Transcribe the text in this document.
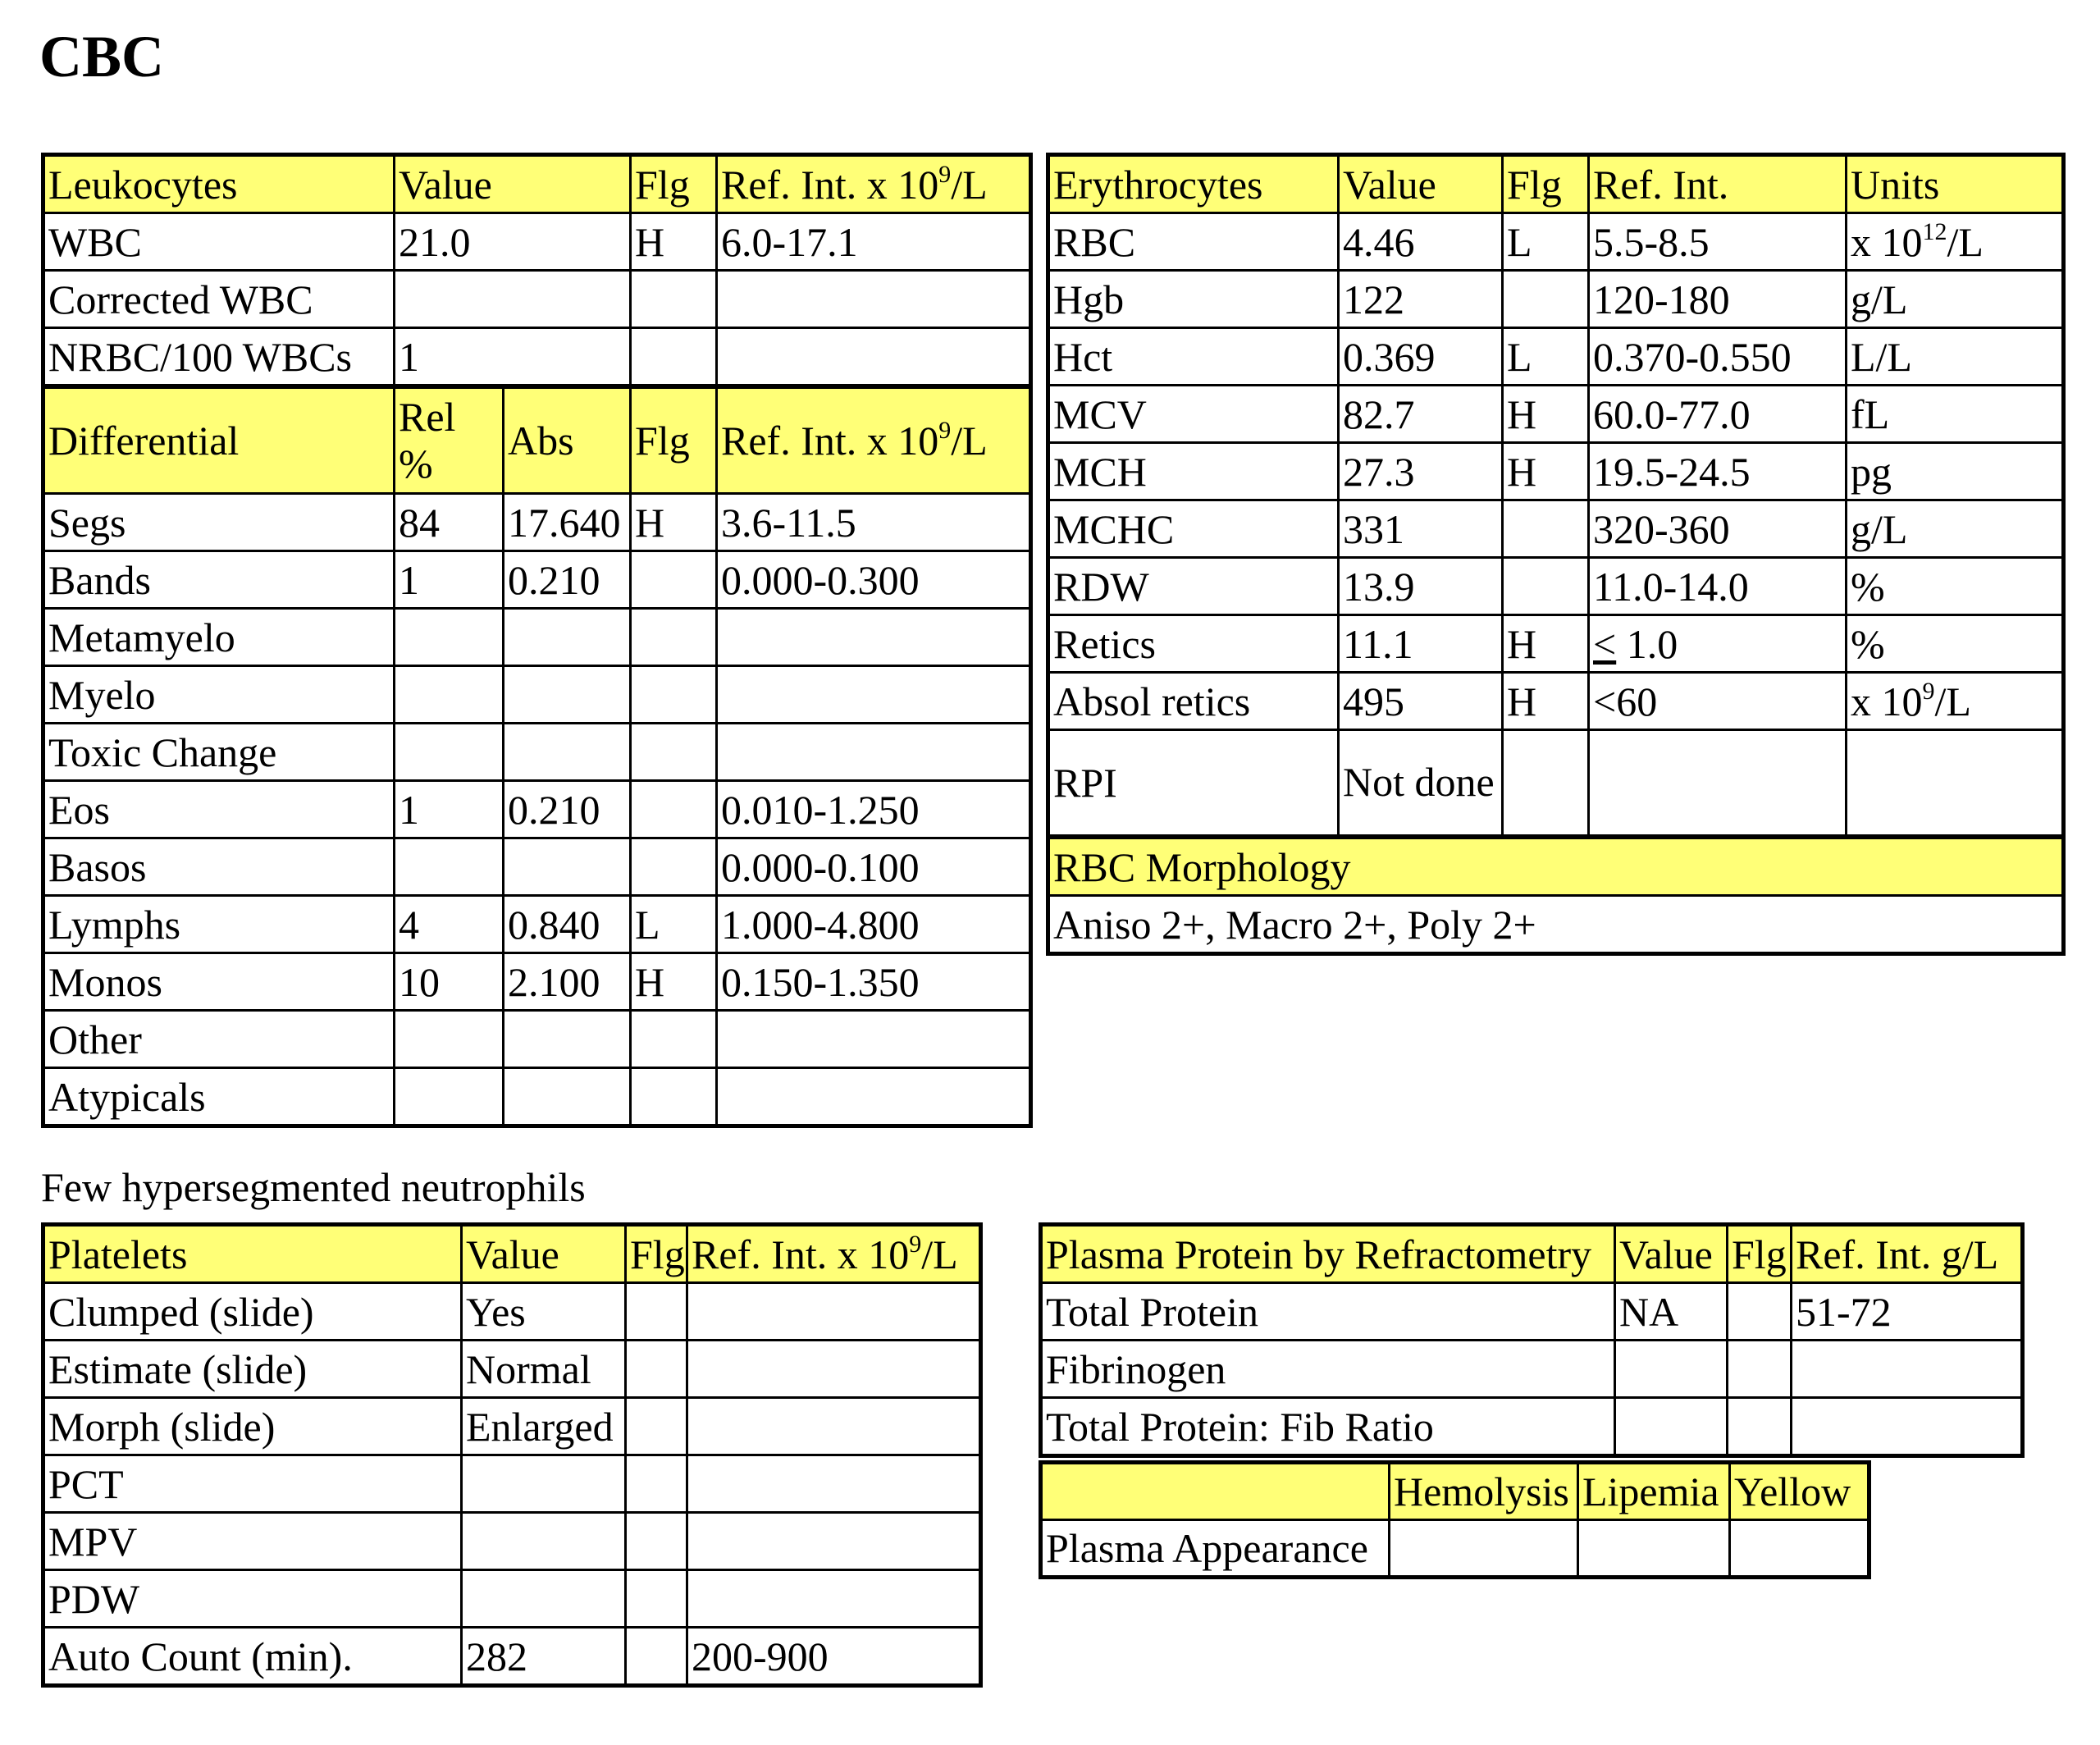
CBC
Leukocytes	Value		Flg	Ref. Int. x $10^9/L$
WBC	21.0		H	6.0-17.1
Corrected WBC				
NRBC/100 WBCs	1			
Differential	Rel %	Abs	Flg	Ref. Int. x $10^9/L$
Segs	84	17.640	H	3.6-11.5
Bands	1	0.210		0.000-0.300
Metamyelo				
Myelo				
Toxic Change				
Eos	1	0.210		0.010-1.250
Basos				0.000-0.100
Lymphs	4	0.840	L	1.000-4.800
Monos	10	2.100	H	0.150-1.350
Other				
Atypicals				
Few hypersegmented neutrophils
Erythrocytes	Value	Flg	Ref. Int.	Units
RBC	4.46	L	5.5-8.5	x $10^{12}/L$
Hgb	122		120-180	g/L
Hct	0.369	L	0.370-0.550	L/L
MCV	82.7	H	60.0-77.0	fL
MCH	27.3	H	19.5-24.5	pg
MCHC	331		320-360	g/L
RDW	13.9		11.0-14.0	%
Retics	11.1	H	< 1.0	%
Absol retics	495	H	<60	x $10^9/L$
RPI	Not done			
RBC Morphology				
Aniso 2+, Macro 2+, Poly 2+				
Platelets	Value	Flg	Ref. Int. x $10^9/L$
Clumped (slide)	Yes		
Estimate (slide)	Normal		
Morph (slide)	Enlarged		
PCT			
MPV			
PDW			
Auto Count (min).	282		200-900
Plasma Protein by Refractometry	Value	Flg	Ref. Int. g/L
Total Protein	NA		51-72
Fibrinogen			
Total Protein: Fib Ratio			
	Hemolysis	Lipemia	Yellow
Plasma Appearance			
